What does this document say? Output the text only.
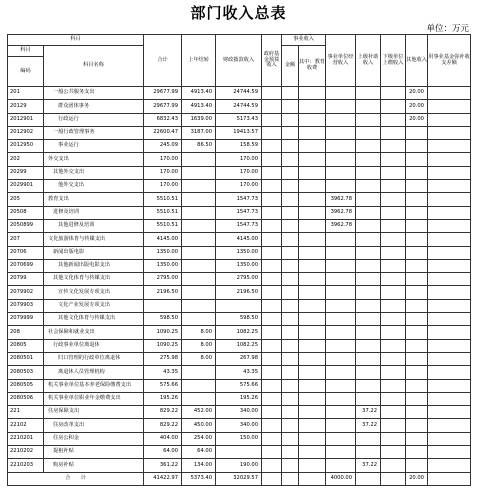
部门收入总表
单位：万元
科目		合计	上年结转	财政拨款收入	政府基金预算收入	事业收入		事业单位经营收入	上级补助收入	下级单位上缴收入	其他收入	用事业基金弥补收支差额
科目	科目名称					金额	其中：教育收费					
编码												

201	一般公共服务支出	29677.99	4913.40	24744.59							20.00	
20129	群众团体事务	29677.99	4913.40	24744.59							20.00	
2012901	行政运行	6832.43	1639.00	5173.43							20.00	
2012902	一般行政管理事务	22600.47	3187.00	19413.57								
2012950	事业运行	245.09	86.50	158.59								
202	外交支出	170.00		170.00								
20299	其他外交支出	170.00		170.00								
2029901	他外交支出	170.00		170.00								
205	教育支出	5510.51		1547.73				3962.78				
20508	进修及培训	5510.51		1547.73				3962.78				
2050899	其他进修及培训	5510.51		1547.73				3962.78				
207	文化旅游体育与传媒支出	4145.00		4145.00								
20706	新闻出版电影	1350.00		1350.00								
2070699	其他新闻出版电影支出	1350.00		1350.00								
20799	其他文化体育与传媒支出	2795.00		2795.00								
2079902	宣传文化发展专项支出	2196.50		2196.50								
2079903	文化产业发展专项支出											
2079999	其他文化体育与传媒支出	598.50		598.50								
208	社会保障和就业支出	1090.25	8.00	1082.25								
20805	行政事业单位离退休	1090.25	8.00	1082.25								
2080501	归口管理的行政单位离退休	275.98	8.00	267.98								
2080503	离退休人员管理机构	43.35		43.35								
2080505	机关事业单位基本养老保险缴费支出	575.66		575.66								
2080506	机关事业单位职业年金缴费支出	195.26		195.26								
221	住房保障支出	829.22	452.00	340.00					37.22			
22102	住房改革支出	829.22	450.00	340.00					37.22			
2210201	住房公积金	404.00	254.00	150.00								
2210202	提租补贴	64.00	64.00									
2210203	购房补贴	361.22	134.00	190.00					37.22			
合　　计		41422.97	5373.40	32029.57				4000.00			20.00	
